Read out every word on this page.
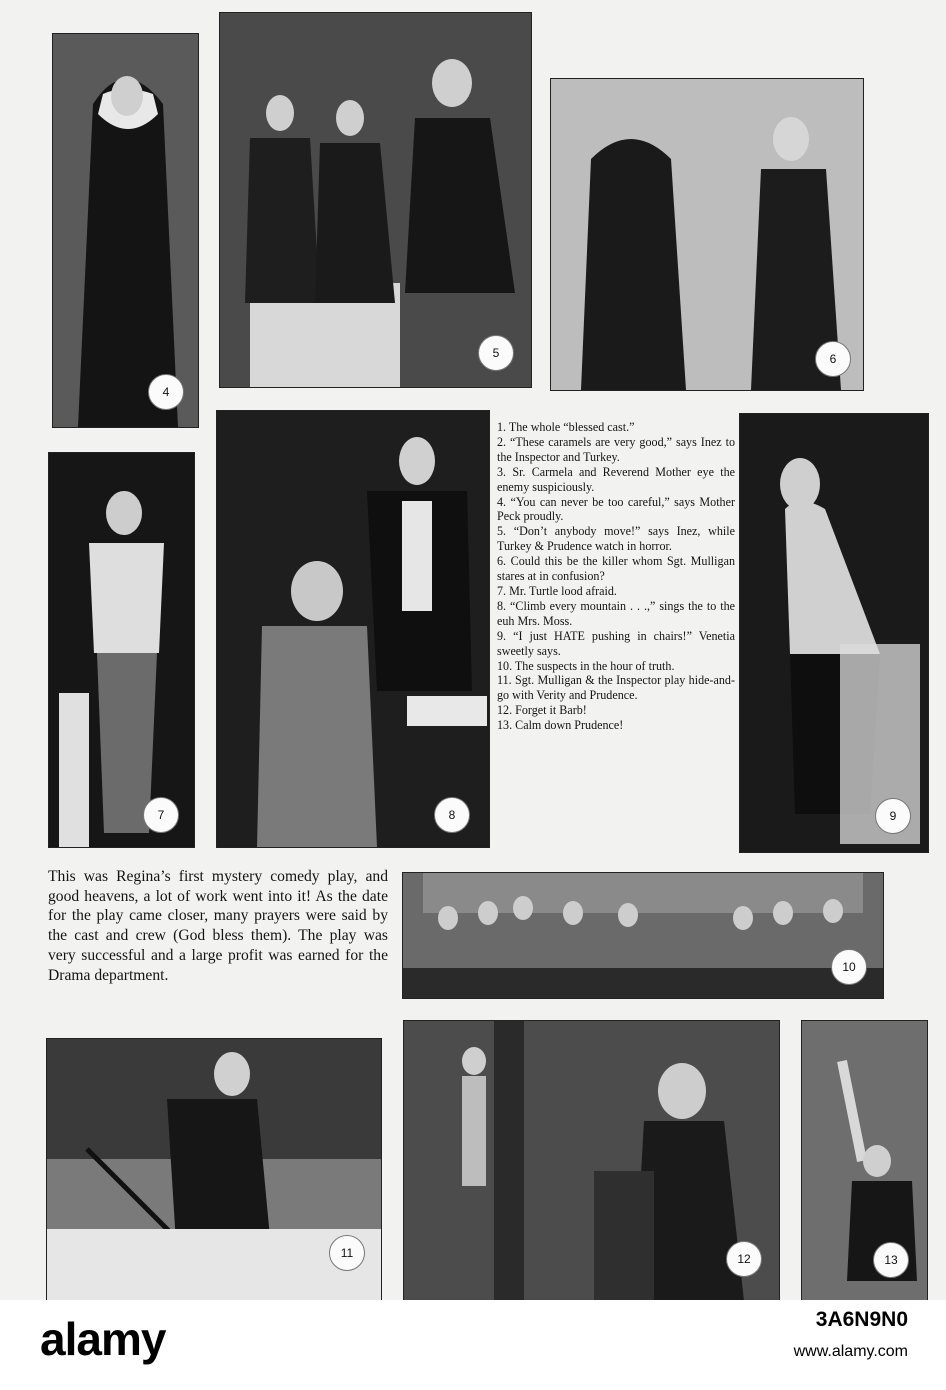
4
5	6
7	8
1. The whole “blessed cast.”
2. “These caramels are very good,” says Inez to the Inspector and Turkey.
3. Sr. Carmela and Reverend Mother eye the enemy suspiciously.
4. “You can never be too careful,” says Mother Peck proudly.
5. “Don’t anybody move!” says Inez, while Turkey & Prudence watch in horror.
6. Could this be the killer whom Sgt. Mulligan stares at in confusion?
7. Mr. Turtle lood afraid.
8. “Climb every mountain . . .,” sings the to the euh Mrs. Moss.
9. “I just HATE pushing in chairs!” Venetia sweetly says.
10. The suspects in the hour of truth.
11. Sgt. Mulligan & the Inspector play hide-and-go with Verity and Prudence.
12. Forget it Barb!
13. Calm down Prudence!
9
This was Regina’s first mystery comedy play, and good heavens, a lot of work went into it! As the date for the play came closer, many prayers were said by the cast and crew (God bless them). The play was very successful and a large profit was earned for the Drama department.	10
11	12	13
alamy	3A6N9N0
www.alamy.com
